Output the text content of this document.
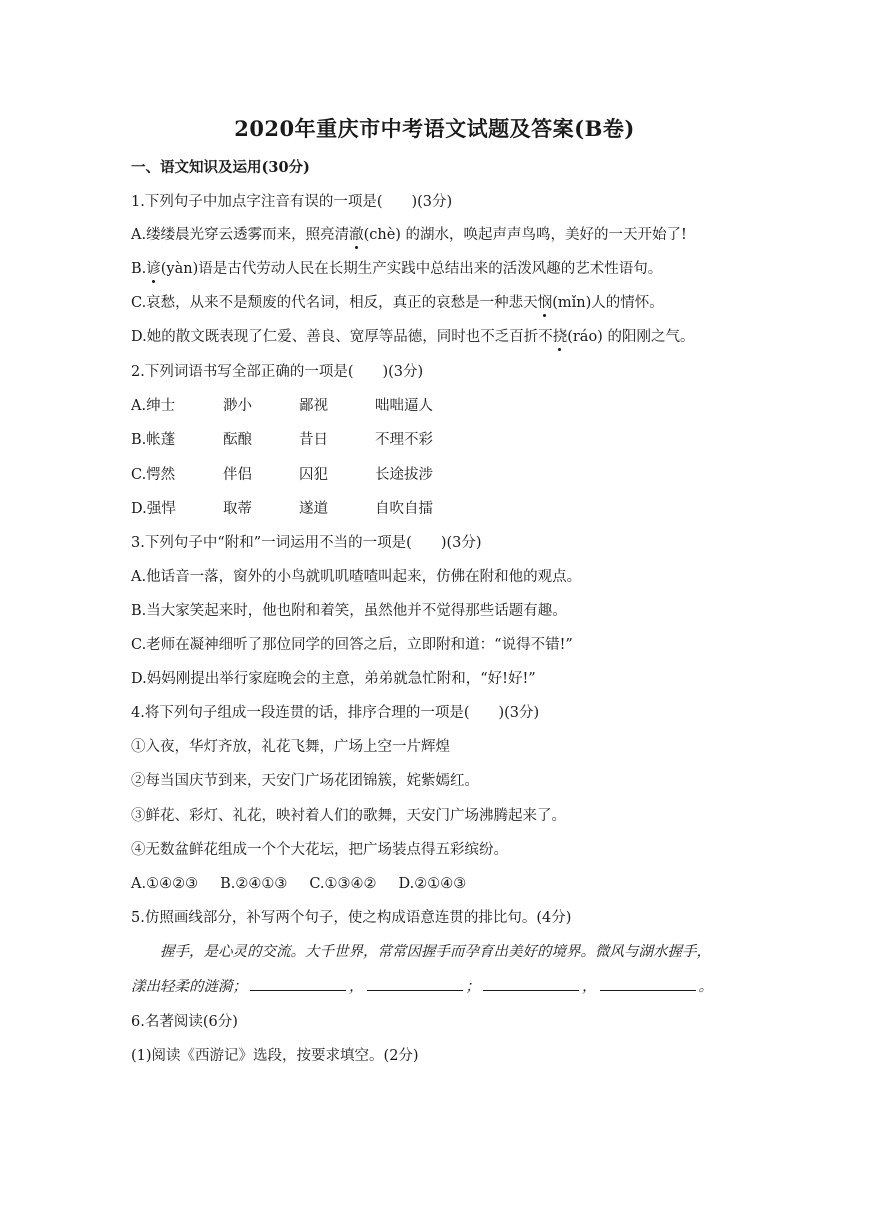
2020年重庆市中考语文试题及答案(B卷)
一、语文知识及运用(30分)
1.下列句子中加点字注音有误的一项是(　　)(3分)
A.缕缕晨光穿云透雾而来，照亮清澈(chè) 的湖水，唤起声声鸟鸣，美好的一天开始了!
B.谚(yàn)语是古代劳动人民在长期生产实践中总结出来的活泼风趣的艺术性语句。
C.哀愁，从来不是颓废的代名词，相反，真正的哀愁是一种悲天悯(mǐn)人的情怀。
D.她的散文既表现了仁爱、善良、宽厚等品德，同时也不乏百折不挠(ráo) 的阳刚之气。
2.下列词语书写全部正确的一项是(　　)(3分)
A.绅士	渺小	鄙视	咄咄逼人
B.帐蓬	酝酿	昔日	不理不彩
C.愕然	伴侣	囚犯	长途拔涉
D.强悍	取蒂	遂道	自吹自擂
3.下列句子中“附和”一词运用不当的一项是(　　)(3分)
A.他话音一落，窗外的小鸟就叽叽喳喳叫起来，仿佛在附和他的观点。
B.当大家笑起来时，他也附和着笑，虽然他并不觉得那些话题有趣。
C.老师在凝神细听了那位同学的回答之后，立即附和道：“说得不错!”
D.妈妈刚提出举行家庭晚会的主意，弟弟就急忙附和，“好!好!”
4.将下列句子组成一段连贯的话，排序合理的一项是(　　)(3分)
①入夜，华灯齐放，礼花飞舞，广场上空一片辉煌
②每当国庆节到来，天安门广场花团锦簇，姹紫嫣红。
③鲜花、彩灯、礼花，映衬着人们的歌舞，天安门广场沸腾起来了。
④无数盆鲜花组成一个个大花坛，把广场装点得五彩缤纷。
A.①④②③ B.②④①③ C.①③④② D.②①④③
5.仿照画线部分，补写两个句子，使之构成语意连贯的排比句。(4分)
握手，是心灵的交流。大千世界，常常因握手而孕育出美好的境界。微风与湖水握手，
漾出轻柔的涟漪；	，	；	，	。
6.名著阅读(6分)
(1)阅读《西游记》选段，按要求填空。(2分)
